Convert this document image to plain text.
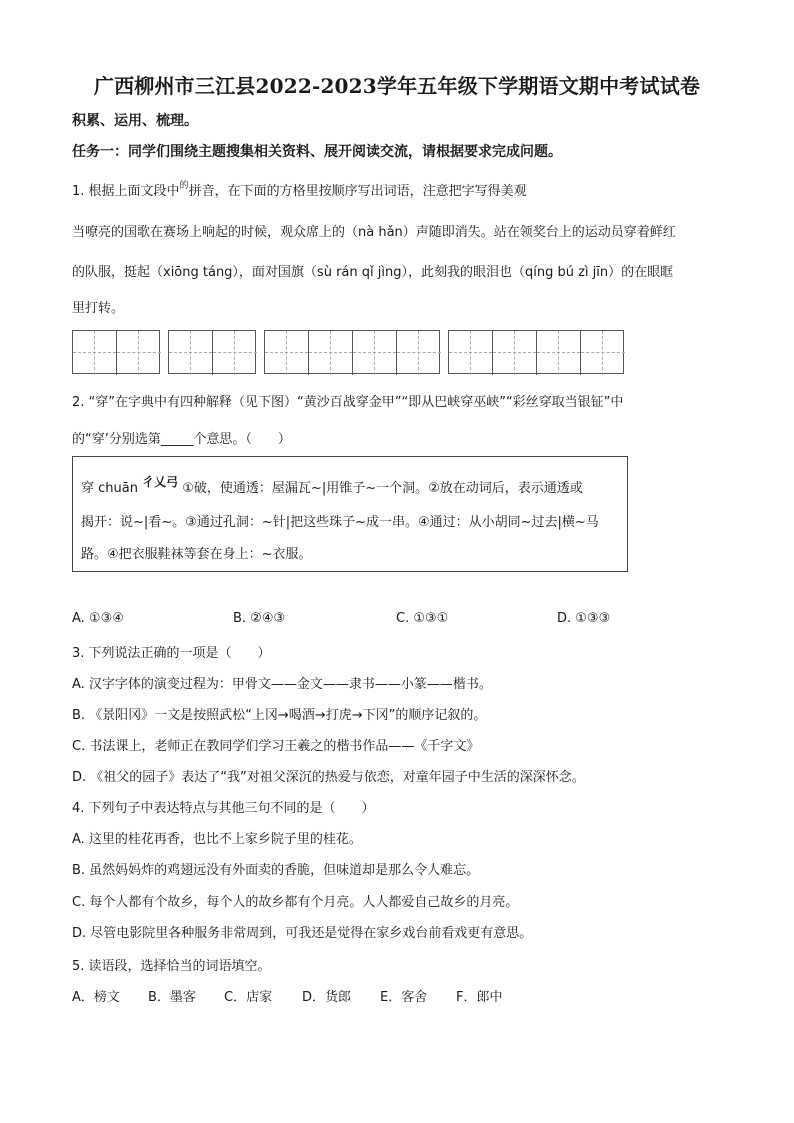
广西柳州市三江县2022-2023学年五年级下学期语文期中考试试卷
积累、运用、梳理。
任务一：同学们围绕主题搜集相关资料、展开阅读交流，请根据要求完成问题。
1. 根据上面文段中$^的$拼音，在下面的方格里按顺序写出词语，注意把字写得美观
当嘹亮的国歌在赛场上响起的时候，观众席上的（nà hǎn）声随即消失。站在领奖台上的运动员穿着鲜红
的队服，挺起（xiōng táng），面对国旗（sù rán qǐ jìng），此刻我的眼泪也（qíng bú zì jīn）的在眼眶
里打转。
2. “穿”在字典中有四种解释（见下图）“黄沙百战穿金甲”“即从巴峡穿巫峡”“彩丝穿取当银钲”中
的“穿’分别选第_____个意思。（　　）
穿 chuān 彳乂弓 ①破，使通透：屋漏瓦~|用锥子~一个洞。②放在动词后，表示通透或
揭开：说~|看~。③通过孔洞：~针|把这些珠子~成一串。④通过：从小胡同~过去|横~马
路。④把衣服鞋袜等套在身上：~衣服。
A. ①③④	B. ②④③	C. ①③①	D. ①③③
3. 下列说法正确的一项是（　　）
A. 汉字字体的演变过程为：甲骨文——金文——隶书——小篆——楷书。
B. 《景阳冈》一文是按照武松“上冈→喝酒→打虎→下冈”的顺序记叙的。
C. 书法课上，老师正在教同学们学习王羲之的楷书作品——《千字文》
D. 《祖父的园子》表达了“我”对祖父深沉的热爱与依恋，对童年园子中生活的深深怀念。
4. 下列句子中表达特点与其他三句不同的是（　　）
A. 这里的桂花再香，也比不上家乡院子里的桂花。
B. 虽然妈妈炸的鸡翅远没有外面卖的香脆，但味道却是那么令人难忘。
C. 每个人都有个故乡，每个人的故乡都有个月亮。人人都爱自己故乡的月亮。
D. 尽管电影院里各种服务非常周到，可我还是觉得在家乡戏台前看戏更有意思。
5. 读语段，选择恰当的词语填空。
A．榜文 B．墨客 C．店家 D．货郎 E．客舍 F．郎中
